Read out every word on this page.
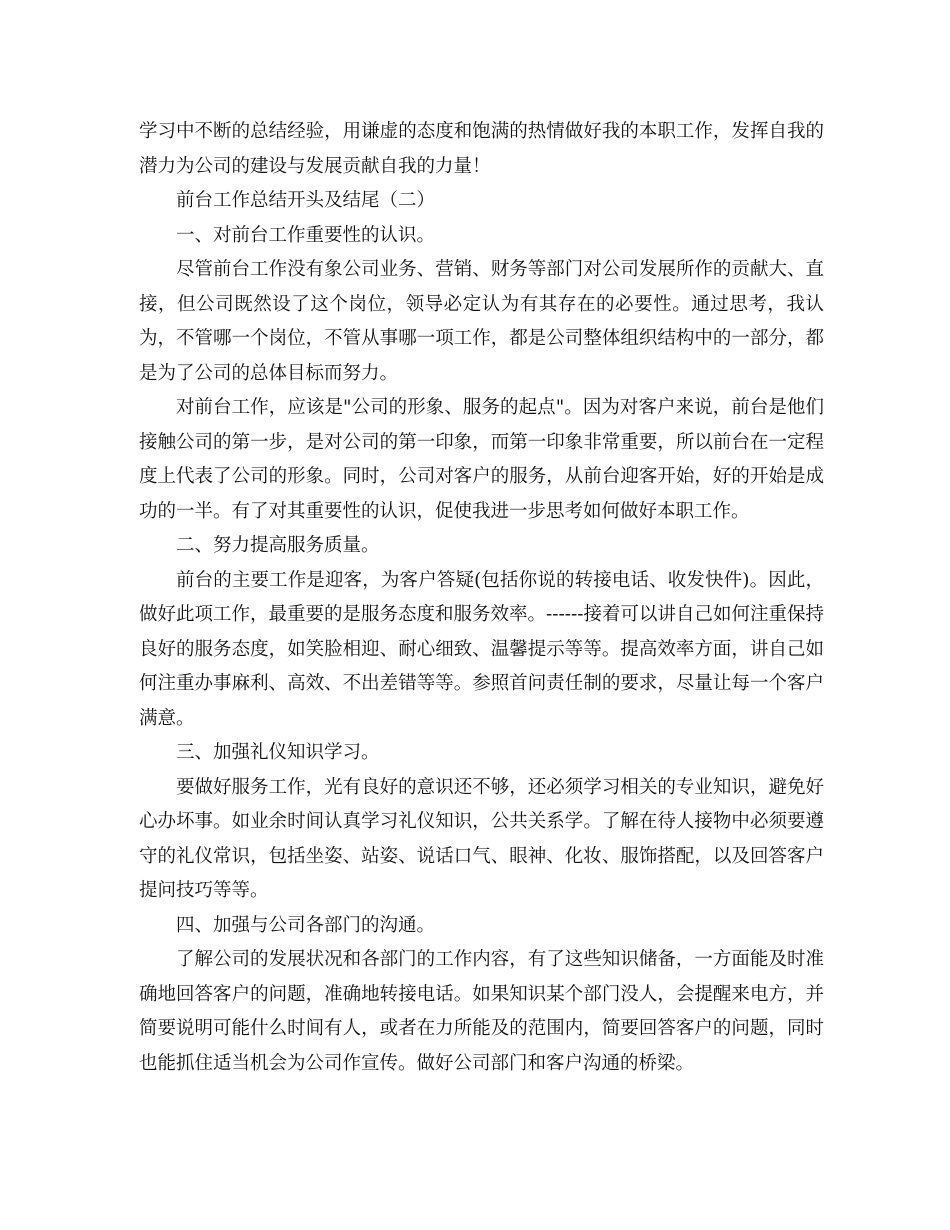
学习中不断的总结经验，用谦虚的态度和饱满的热情做好我的本职工作，发挥自我的潜力为公司的建设与发展贡献自我的力量！

前台工作总结开头及结尾（二）

一、对前台工作重要性的认识。

尽管前台工作没有象公司业务、营销、财务等部门对公司发展所作的贡献大、直接，但公司既然设了这个岗位，领导必定认为有其存在的必要性。通过思考，我认为，不管哪一个岗位，不管从事哪一项工作，都是公司整体组织结构中的一部分，都是为了公司的总体目标而努力。

对前台工作，应该是"公司的形象、服务的起点"。因为对客户来说，前台是他们接触公司的第一步，是对公司的第一印象，而第一印象非常重要，所以前台在一定程度上代表了公司的形象。同时，公司对客户的服务，从前台迎客开始，好的开始是成功的一半。有了对其重要性的认识，促使我进一步思考如何做好本职工作。

二、努力提高服务质量。

前台的主要工作是迎客，为客户答疑(包括你说的转接电话、收发快件)。因此，做好此项工作，最重要的是服务态度和服务效率。------接着可以讲自己如何注重保持良好的服务态度，如笑脸相迎、耐心细致、温馨提示等等。提高效率方面，讲自己如何注重办事麻利、高效、不出差错等等。参照首问责任制的要求，尽量让每一个客户满意。

三、加强礼仪知识学习。

要做好服务工作，光有良好的意识还不够，还必须学习相关的专业知识，避免好心办坏事。如业余时间认真学习礼仪知识，公共关系学。了解在待人接物中必须要遵守的礼仪常识，包括坐姿、站姿、说话口气、眼神、化妆、服饰搭配，以及回答客户提问技巧等等。

四、加强与公司各部门的沟通。

了解公司的发展状况和各部门的工作内容，有了这些知识储备，一方面能及时准确地回答客户的问题，准确地转接电话。如果知识某个部门没人，会提醒来电方，并简要说明可能什么时间有人，或者在力所能及的范围内，简要回答客户的问题，同时也能抓住适当机会为公司作宣传。做好公司部门和客户沟通的桥梁。
